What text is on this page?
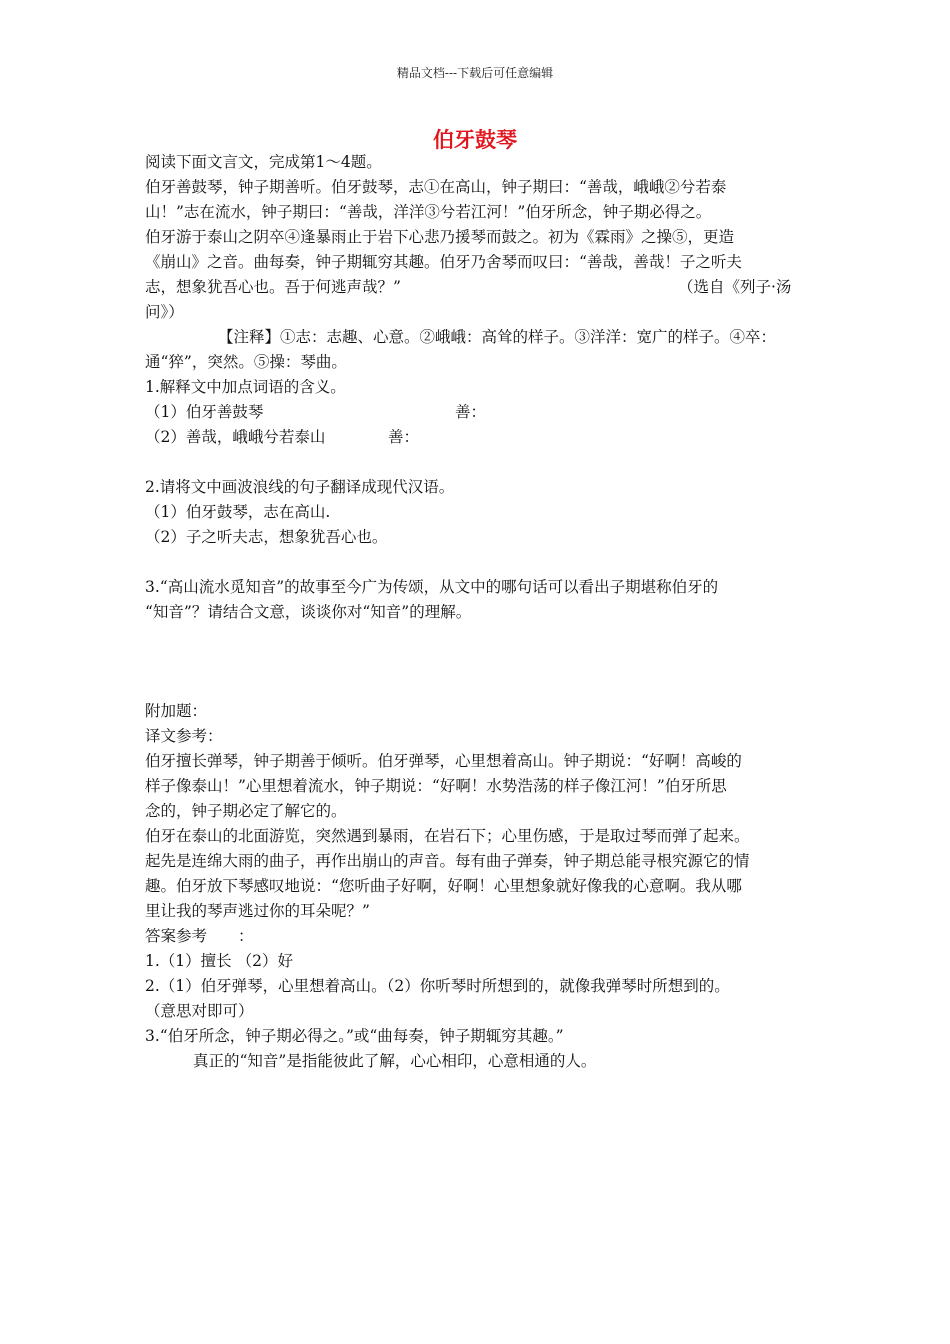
精品文档---下载后可任意编辑
伯牙鼓琴
阅读下面文言文，完成第1～4题。
伯牙善鼓琴，钟子期善听。伯牙鼓琴，志①在高山，钟子期曰：“善哉，峨峨②兮若泰
山！”志在流水，钟子期曰：“善哉，洋洋③兮若江河！”伯牙所念，钟子期必得之。
伯牙游于泰山之阴卒④逢暴雨止于岩下心悲乃援琴而鼓之。初为《霖雨》之操⑤，更造
《崩山》之音。曲每奏，钟子期辄穷其趣。伯牙乃舍琴而叹曰：“善哉，善哉！子之听夫
志，想象犹吾心也。吾于何逃声哉？”	（选自《列子·汤
问》）
【注释】①志：志趣、心意。②峨峨：高耸的样子。③洋洋：宽广的样子。④卒：
通“猝”，突然。⑤操：琴曲。
1.解释文中加点词语的含义。
（1）伯牙善鼓琴	善：
（2）善哉，峨峨兮若泰山	善：
2.请将文中画波浪线的句子翻译成现代汉语。
（1）伯牙鼓琴，志在高山.
（2）子之听夫志，想象犹吾心也。
3.“高山流水觅知音”的故事至今广为传颂，从文中的哪句话可以看出子期堪称伯牙的
“知音”？请结合文意，谈谈你对“知音”的理解。
附加题：
译文参考：
伯牙擅长弹琴，钟子期善于倾听。伯牙弹琴，心里想着高山。钟子期说：“好啊！高峻的
样子像泰山！”心里想着流水，钟子期说：“好啊！水势浩荡的样子像江河！”伯牙所思
念的，钟子期必定了解它的。
伯牙在泰山的北面游览，突然遇到暴雨，在岩石下；心里伤感，于是取过琴而弹了起来。
起先是连绵大雨的曲子，再作出崩山的声音。每有曲子弹奏，钟子期总能寻根究源它的情
趣。伯牙放下琴感叹地说：“您听曲子好啊，好啊！心里想象就好像我的心意啊。我从哪
里让我的琴声逃过你的耳朵呢？”
答案参考 ：
1.（1）擅长 （2）好
2.（1）伯牙弹琴，心里想着高山。（2）你听琴时所想到的，就像我弹琴时所想到的。
（意思对即可）
3.“伯牙所念，钟子期必得之。”或“曲每奏，钟子期辄穷其趣。”
真正的“知音”是指能彼此了解，心心相印，心意相通的人。
